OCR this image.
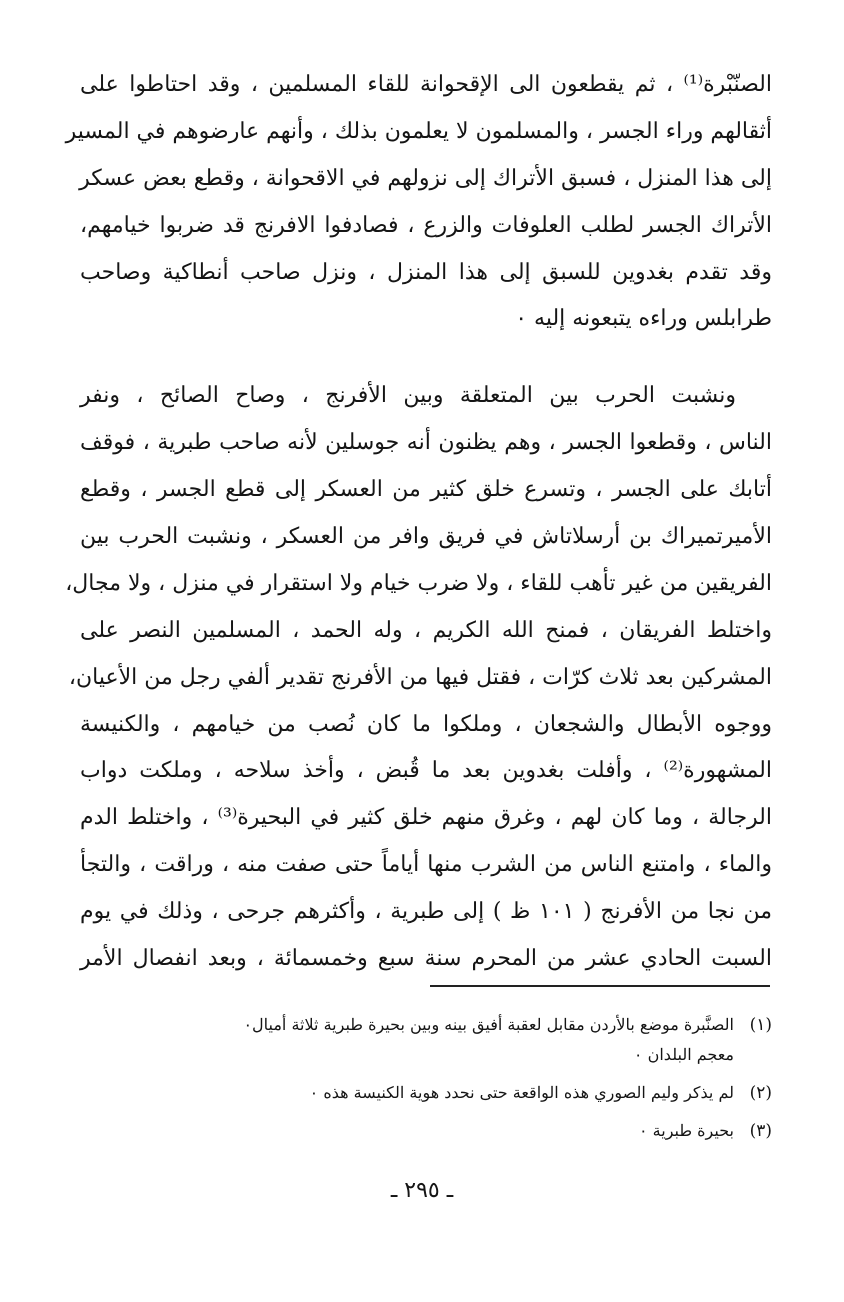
الصنّبْرة⁽¹⁾ ، ثم يقطعون الى الإقحوانة للقاء المسلمين ، وقد احتاطوا على
أثقالهم وراء الجسر ، والمسلمون لا يعلمون بذلك ، وأنهم عارضوهم في المسير
إلى هذا المنزل ، فسبق الأتراك إلى نزولهم في الاقحوانة ، وقطع بعض عسكر
الأتراك الجسر لطلب العلوفات والزرع ، فصادفوا الافرنج قد ضربوا خيامهم،
وقد تقدم بغدوين للسبق إلى هذا المنزل ، ونزل صاحب أنطاكية وصاحب
طرابلس وراءه يتبعونه إليه ٠
ونشبت الحرب بين المتعلقة وبين الأفرنج ، وصاح الصائح ، ونفر
الناس ، وقطعوا الجسر ، وهم يظنون أنه جوسلين لأنه صاحب طبرية ، فوقف
أتابك على الجسر ، وتسرع خلق كثير من العسكر إلى قطع الجسر ، وقطع
الأميرتميراك بن أرسلاتاش في فريق وافر من العسكر ، ونشبت الحرب بين
الفريقين من غير تأهب للقاء ، ولا ضرب خيام ولا استقرار في منزل ، ولا مجال،
واختلط الفريقان ، فمنح الله الكريم ، وله الحمد ، المسلمين النصر على
المشركين بعد ثلاث كرّات ، فقتل فيها من الأفرنج تقدير ألفي رجل من الأعيان،
ووجوه الأبطال والشجعان ، وملكوا ما كان نُصب من خيامهم ، والكنيسة
المشهورة⁽²⁾ ، وأفلت بغدوين بعد ما قُبض ، وأخذ سلاحه ، وملكت دواب
الرجالة ، وما كان لهم ، وغرق منهم خلق كثير في البحيرة⁽³⁾ ، واختلط الدم
والماء ، وامتنع الناس من الشرب منها أياماً حتى صفت منه ، وراقت ، والتجأ
من نجا من الأفرنج ( ١٠١ ظ ) إلى طبرية ، وأكثرهم جرحى ، وذلك في يوم
السبت الحادي عشر من المحرم سنة سبع وخمسمائة ، وبعد انفصال الأمر
(١)
الصنَّبرة موضع بالأردن مقابل لعقبة أفيق بينه وبين بحيرة طبرية ثلاثة أميال٠
معجم البلدان ٠
(٢)
لم يذكر وليم الصوري هذه الواقعة حتى نحدد هوية الكنيسة هذه ٠
(٣)
بحيرة طبرية ٠
ـ ٢٩٥ ـ
